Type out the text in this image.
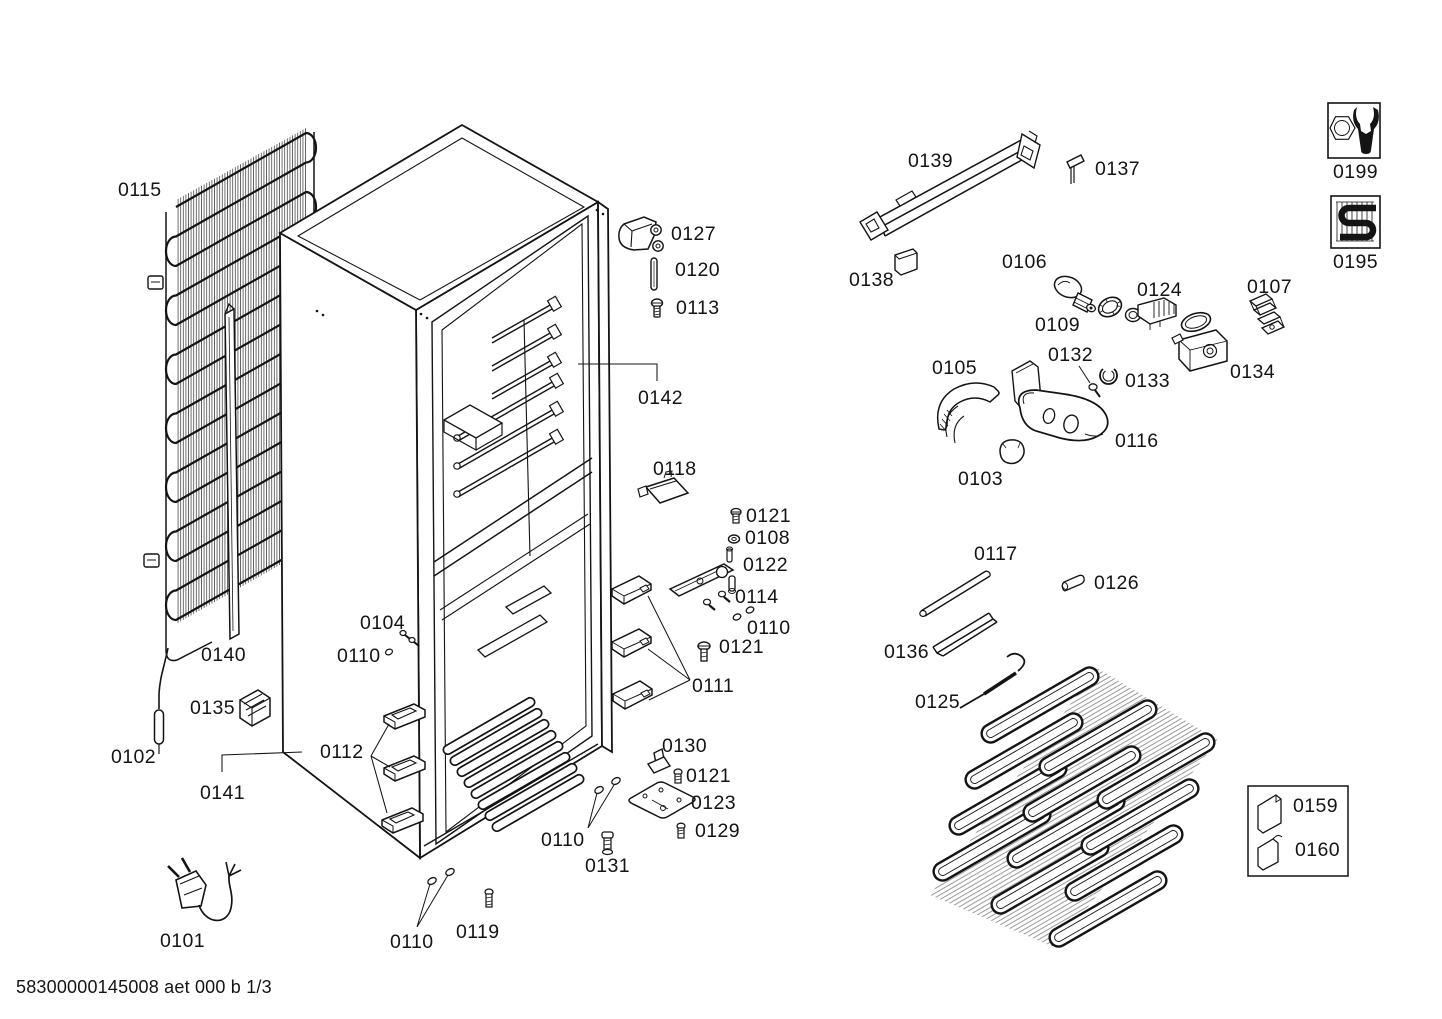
0115
0139	0137	0199
0195
0138
0106
0124	0107
0109
0132
0133	0134
0105
0116
0103
0127
0120
0113
0142
0118
0121
0108
0122
0114
0110
0121
0111
0104
0110
0140
0135
0102
0141
0112
0117
0126
0136
0125
0130
0121
0123
0129
0110
0131
0110 0119
0101
0159
0160
58300000145008 aet 000 b 1/3
